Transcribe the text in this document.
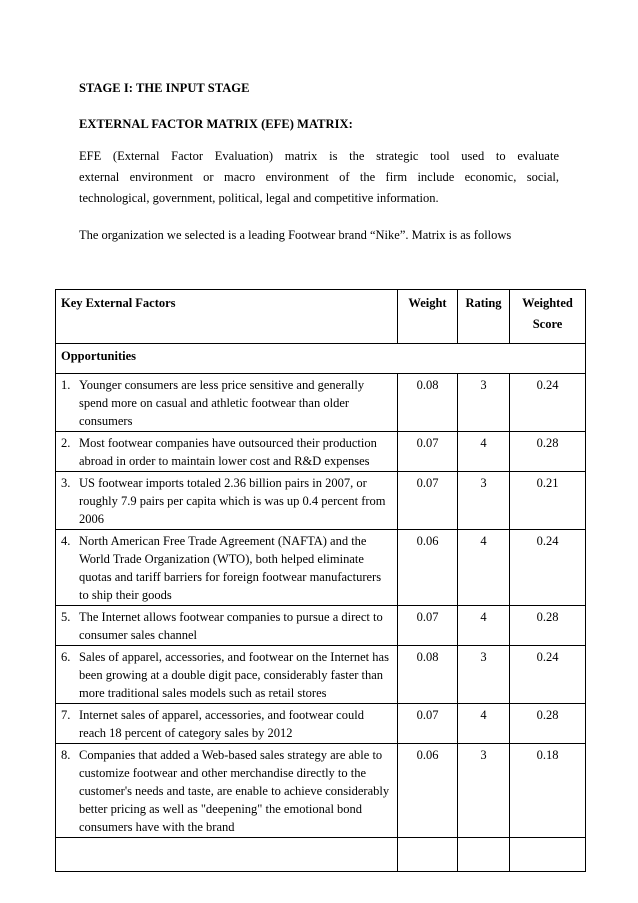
STAGE I: THE INPUT STAGE
EXTERNAL FACTOR MATRIX (EFE) MATRIX:
EFE (External Factor Evaluation) matrix is the strategic tool used to evaluate
external environment or macro environment of the firm include economic, social,
technological, government, political, legal and competitive information.
The organization we selected is a leading Footwear brand “Nike”. Matrix is as follows
Key External Factors	Weight	Rating	Weighted Score

Opportunities			

1. Younger consumers are less price sensitive and generally spend more on casual and athletic footwear than older consumers	0.08	3	0.24

2. Most footwear companies have outsourced their production abroad in order to maintain lower cost and R&D expenses	0.07	4	0.28

3. US footwear imports totaled 2.36 billion pairs in 2007, or roughly 7.9 pairs per capita which is was up 0.4 percent from 2006	0.07	3	0.21

4. North American Free Trade Agreement (NAFTA) and the World Trade Organization (WTO), both helped eliminate quotas and tariff barriers for foreign footwear manufacturers to ship their goods	0.06	4	0.24

5. The Internet allows footwear companies to pursue a direct to consumer sales channel	0.07	4	0.28

6. Sales of apparel, accessories, and footwear on the Internet has been growing at a double digit pace, considerably faster than more traditional sales models such as retail stores	0.08	3	0.24

7. Internet sales of apparel, accessories, and footwear could reach 18 percent of category sales by 2012	0.07	4	0.28

8. Companies that added a Web-based sales strategy are able to customize footwear and other merchandise directly to the customer's needs and taste, are enable to achieve considerably better pricing as well as "deepening" the emotional bond consumers have with the brand	0.06	3	0.18
